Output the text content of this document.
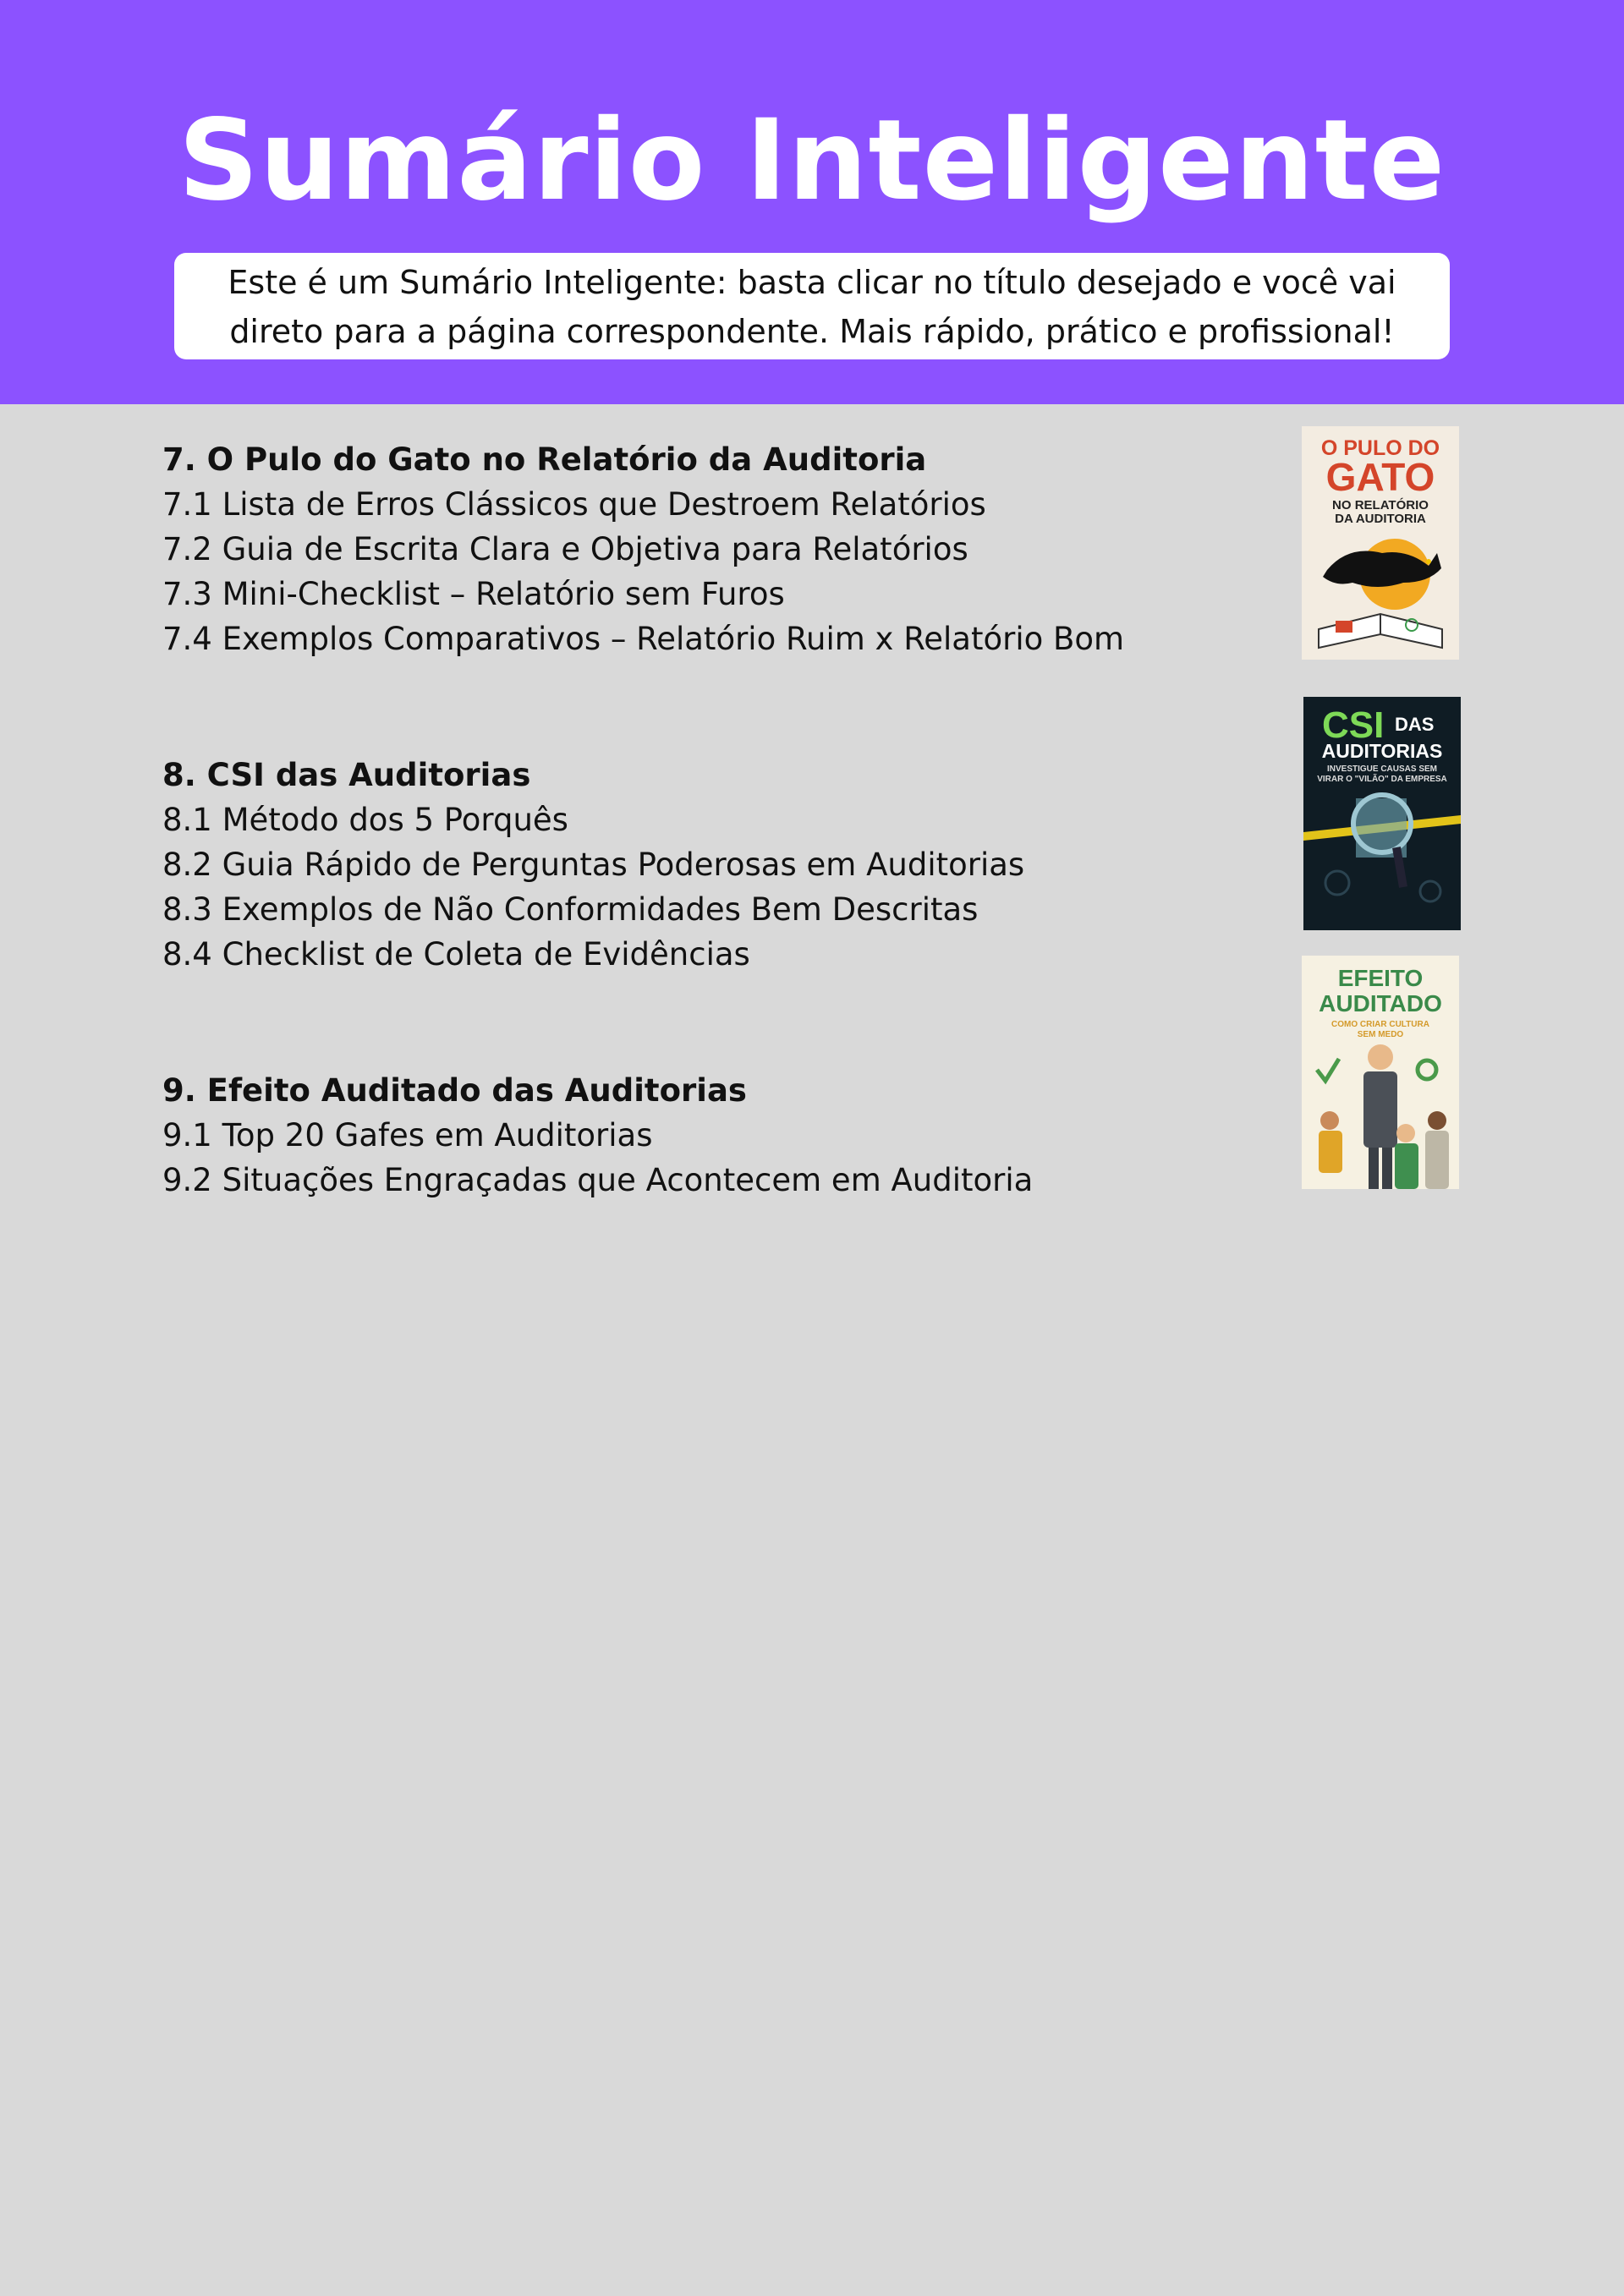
Sumário Inteligente
Este é um Sumário Inteligente: basta clicar no título desejado e você vai
direto para a página correspondente. Mais rápido, prático e profissional!
7. O Pulo do Gato no Relatório da Auditoria
7.1 Lista de Erros Clássicos que Destroem Relatórios
7.2 Guia de Escrita Clara e Objetiva para Relatórios
7.3 Mini-Checklist – Relatório sem Furos
7.4 Exemplos Comparativos – Relatório Ruim x Relatório Bom
8. CSI das Auditorias
8.1 Método dos 5 Porquês
8.2 Guia Rápido de Perguntas Poderosas em Auditorias
8.3 Exemplos de Não Conformidades Bem Descritas
8.4 Checklist de Coleta de Evidências
9. Efeito Auditado das Auditorias
9.1 Top 20 Gafes em Auditorias
9.2 Situações Engraçadas que Acontecem em Auditoria
O PULO DO
GATO
NO RELATÓRIO
DA AUDITORIA
CSI DAS
AUDITORIAS
INVESTIGUE CAUSAS SEM
VIRAR O "VILÃO" DA EMPRESA
EFEITO
AUDITADO
COMO CRIAR CULTURA
SEM MEDO
